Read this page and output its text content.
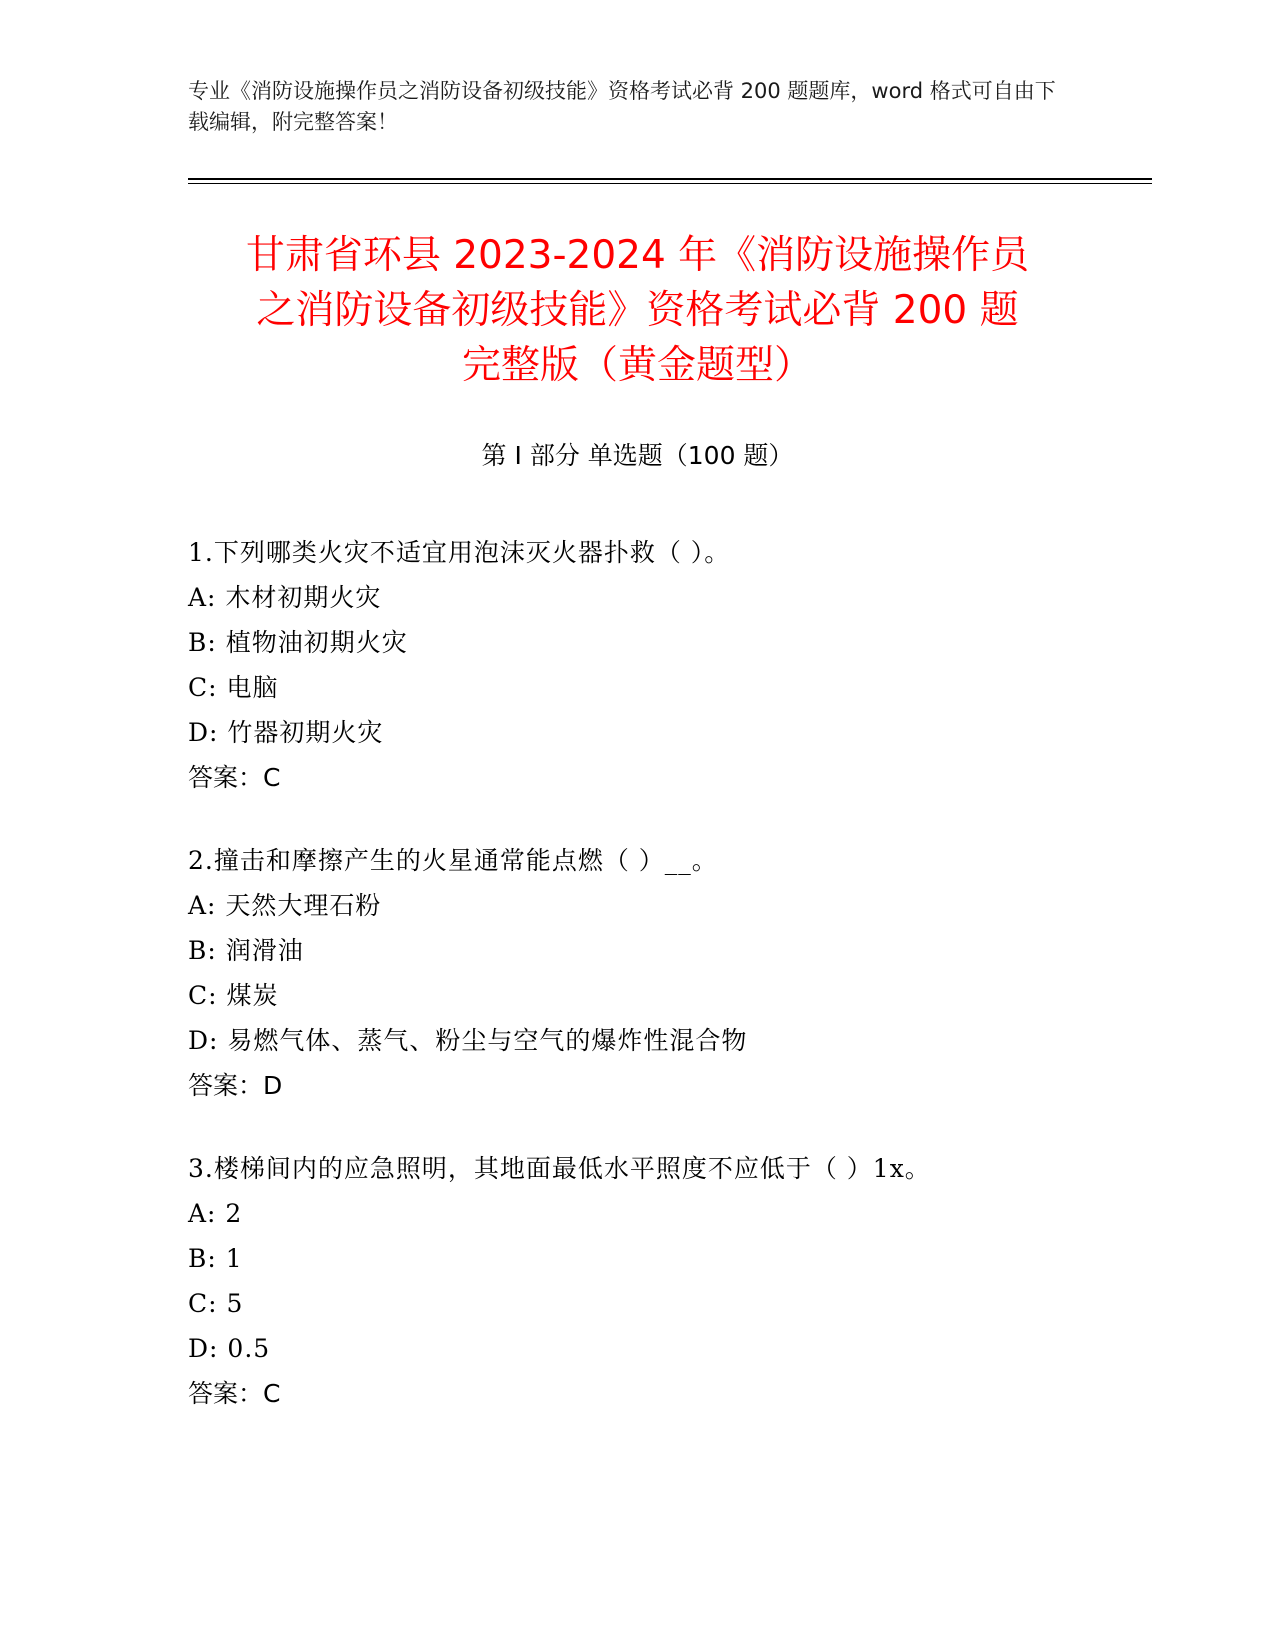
专业《消防设施操作员之消防设备初级技能》资格考试必背 200 题题库，word 格式可自由下载编辑，附完整答案！
甘肃省环县 2023-2024 年《消防设施操作员
之消防设备初级技能》资格考试必背 200 题
完整版（黄金题型）
第 I 部分 单选题（100 题）
1.下列哪类火灾不适宜用泡沫灭火器扑救（ ）。
A: 木材初期火灾
B: 植物油初期火灾
C: 电脑
D: 竹器初期火灾
答案：C
2.撞击和摩擦产生的火星通常能点燃（ ）__。
A: 天然大理石粉
B: 润滑油
C: 煤炭
D: 易燃气体、蒸气、粉尘与空气的爆炸性混合物
答案：D
3.楼梯间内的应急照明，其地面最低水平照度不应低于（ ）1x。
A: 2
B: 1
C: 5
D: 0.5
答案：C
